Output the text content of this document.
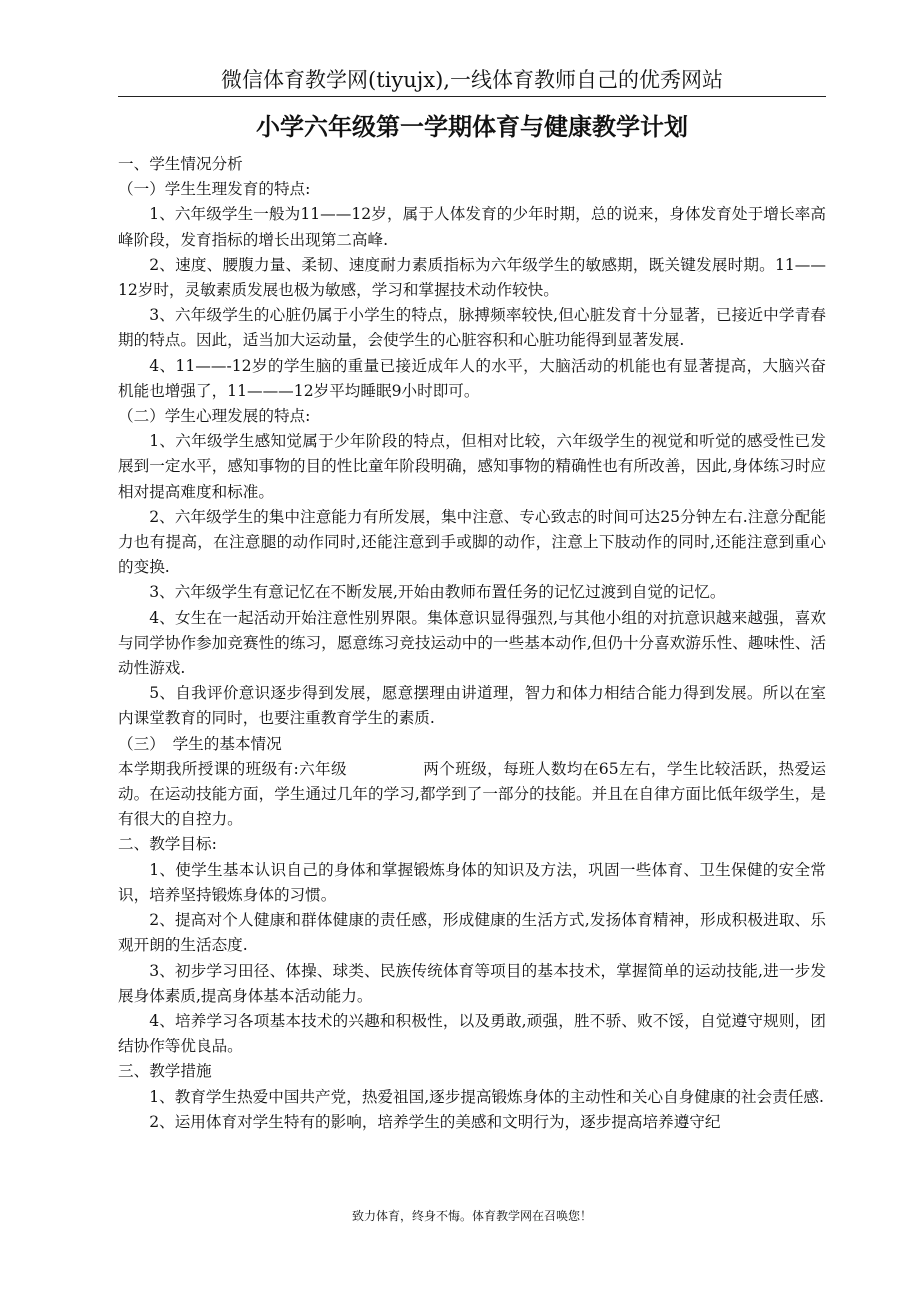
微信体育教学网(tiyujx),一线体育教师自己的优秀网站
小学六年级第一学期体育与健康教学计划

一、学生情况分析

（一）学生生理发育的特点:

1、六年级学生一般为11——12岁，属于人体发育的少年时期，总的说来，身体发育处于增长率高峰阶段，发育指标的增长出现第二高峰.

2、速度、腰腹力量、柔韧、速度耐力素质指标为六年级学生的敏感期，既关键发展时期。11——12岁时，灵敏素质发展也极为敏感，学习和掌握技术动作较快。

3、六年级学生的心脏仍属于小学生的特点，脉搏频率较快,但心脏发育十分显著，已接近中学青春期的特点。因此，适当加大运动量，会使学生的心脏容积和心脏功能得到显著发展.

4、11——-12岁的学生脑的重量已接近成年人的水平，大脑活动的机能也有显著提高，大脑兴奋机能也增强了，11———12岁平均睡眠9小时即可。

（二）学生心理发展的特点:

1、六年级学生感知觉属于少年阶段的特点，但相对比较，六年级学生的视觉和听觉的感受性已发展到一定水平，感知事物的目的性比童年阶段明确，感知事物的精确性也有所改善，因此,身体练习时应相对提高难度和标准。

2、六年级学生的集中注意能力有所发展，集中注意、专心致志的时间可达25分钟左右.注意分配能力也有提高，在注意腿的动作同时,还能注意到手或脚的动作，注意上下肢动作的同时,还能注意到重心的变换.

3、六年级学生有意记忆在不断发展,开始由教师布置任务的记忆过渡到自觉的记忆。

4、女生在一起活动开始注意性别界限。集体意识显得强烈,与其他小组的对抗意识越来越强，喜欢与同学协作参加竞赛性的练习，愿意练习竞技运动中的一些基本动作,但仍十分喜欢游乐性、趣味性、活动性游戏.

5、自我评价意识逐步得到发展，愿意摆理由讲道理，智力和体力相结合能力得到发展。所以在室内课堂教育的同时，也要注重教育学生的素质.

（三）　学生的基本情况

本学期我所授课的班级有:六年级	两个班级，每班人数均在65左右，学生比较活跃，热爱运动。在运动技能方面，学生通过几年的学习,都学到了一部分的技能。并且在自律方面比低年级学生，是有很大的自控力。

二、教学目标:

1、使学生基本认识自己的身体和掌握锻炼身体的知识及方法，巩固一些体育、卫生保健的安全常识，培养坚持锻炼身体的习惯。

2、提高对个人健康和群体健康的责任感，形成健康的生活方式,发扬体育精神，形成积极进取、乐观开朗的生活态度.

3、初步学习田径、体操、球类、民族传统体育等项目的基本技术，掌握简单的运动技能,进一步发展身体素质,提高身体基本活动能力。

4、培养学习各项基本技术的兴趣和积极性，以及勇敢,顽强，胜不骄、败不馁，自觉遵守规则，团结协作等优良品。

三、教学措施

1、教育学生热爱中国共产党，热爱祖国,逐步提高锻炼身体的主动性和关心自身健康的社会责任感.

2、运用体育对学生特有的影响，培养学生的美感和文明行为，逐步提高培养遵守纪

致力体育，终身不悔。体育教学网在召唤您！
